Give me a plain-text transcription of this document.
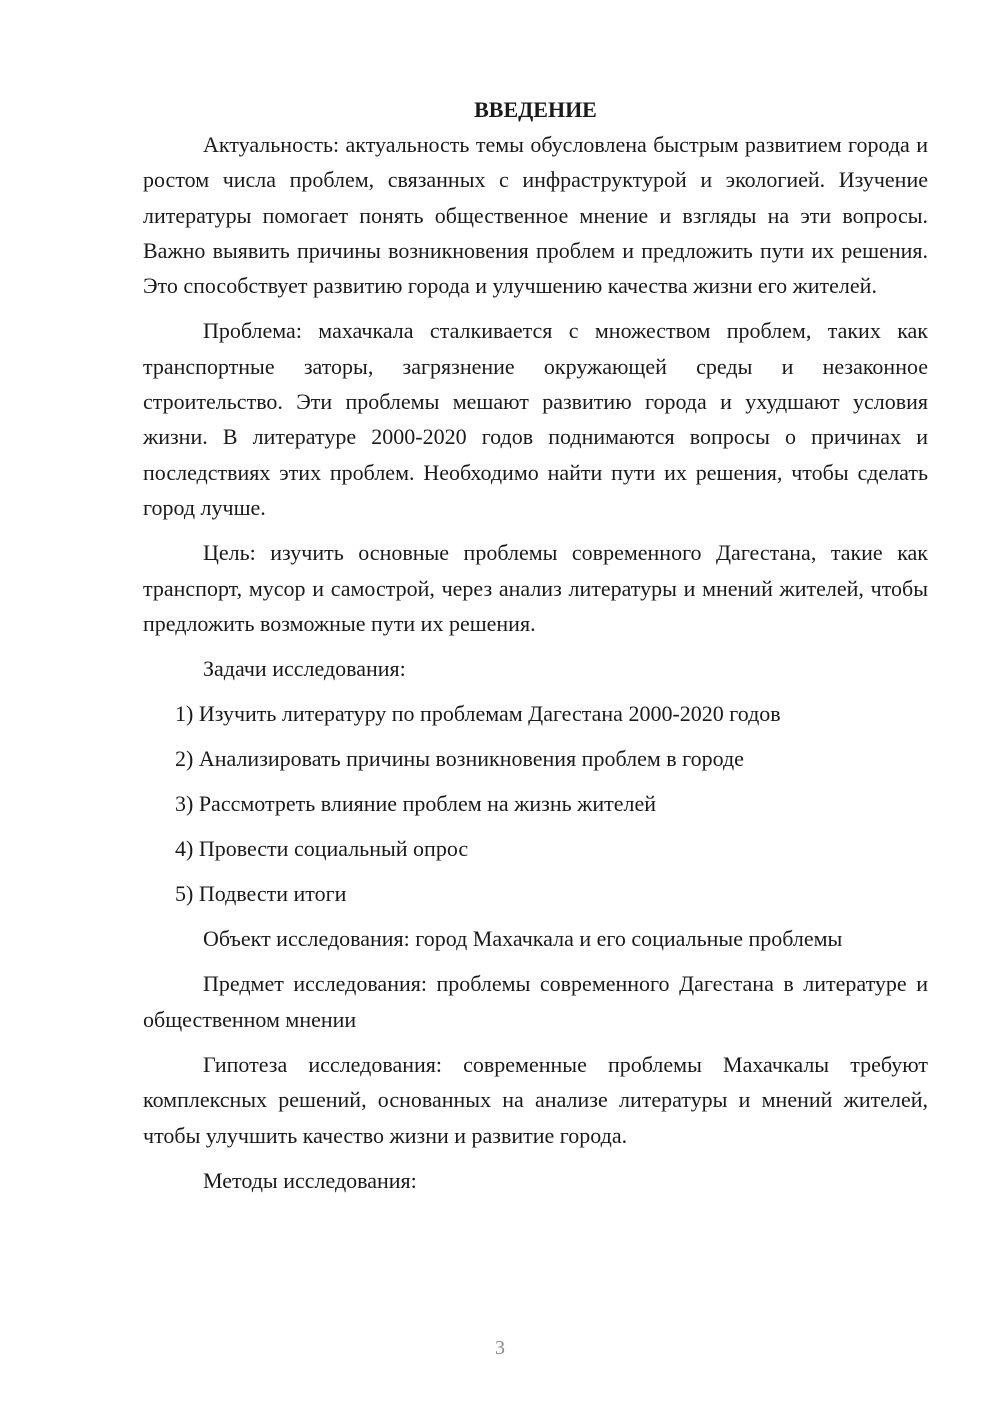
ВВЕДЕНИЕ

Актуальность: актуальность темы обусловлена быстрым развитием города и ростом числа проблем, связанных с инфраструктурой и экологией. Изучение литературы помогает понять общественное мнение и взгляды на эти вопросы. Важно выявить причины возникновения проблем и предложить пути их решения. Это способствует развитию города и улучшению качества жизни его жителей.

Проблема: махачкала сталкивается с множеством проблем, таких как транспортные заторы, загрязнение окружающей среды и незаконное строительство. Эти проблемы мешают развитию города и ухудшают условия жизни. В литературе 2000-2020 годов поднимаются вопросы о причинах и последствиях этих проблем. Необходимо найти пути их решения, чтобы сделать город лучше.

Цель: изучить основные проблемы современного Дагестана, такие как транспорт, мусор и самострой, через анализ литературы и мнений жителей, чтобы предложить возможные пути их решения.

Задачи исследования:

1) Изучить литературу по проблемам Дагестана 2000-2020 годов
2) Анализировать причины возникновения проблем в городе
3) Рассмотреть влияние проблем на жизнь жителей
4) Провести социальный опрос
5) Подвести итоги

Объект исследования: город Махачкала и его социальные проблемы

Предмет исследования: проблемы современного Дагестана в литературе и общественном мнении

Гипотеза исследования: современные проблемы Махачкалы требуют комплексных решений, основанных на анализе литературы и мнений жителей, чтобы улучшить качество жизни и развитие города.

Методы исследования:

3
